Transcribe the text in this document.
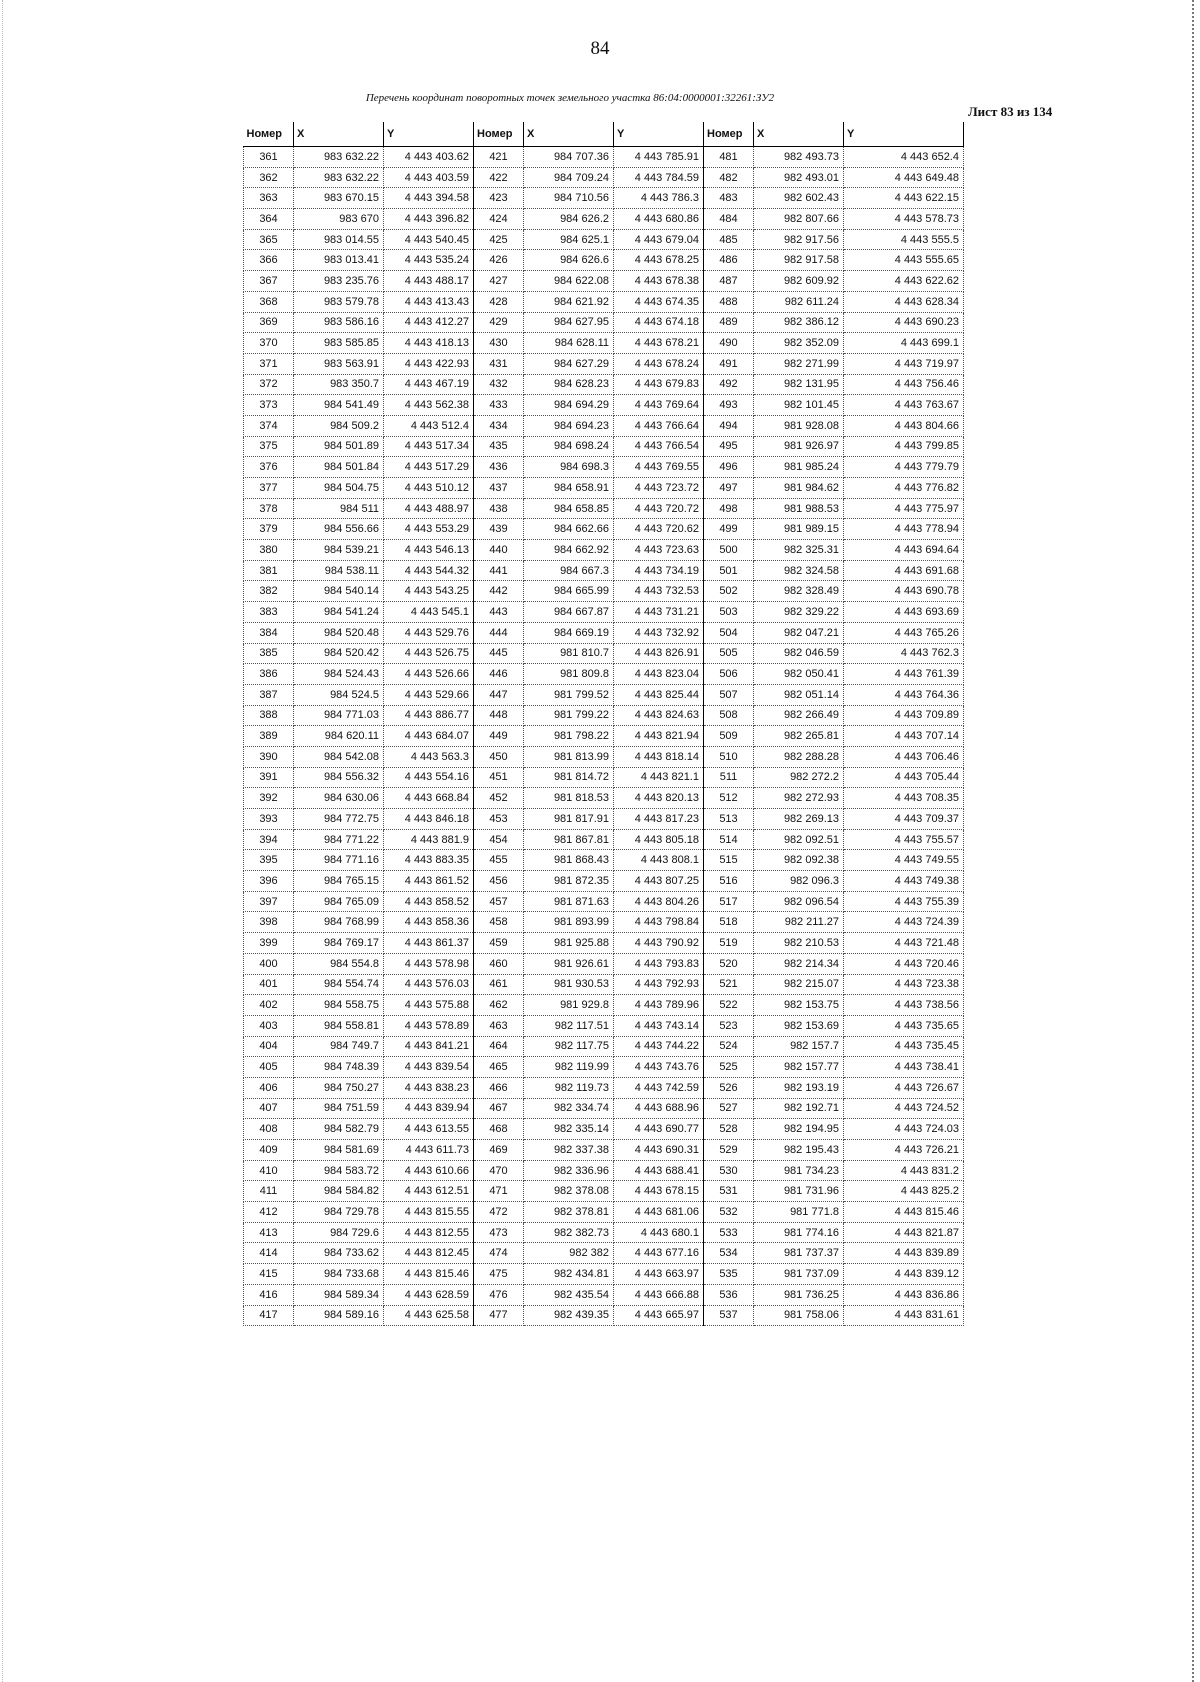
84
Перечень координат поворотных точек земельного участка 86:04:0000001:32261:ЗУ2
Лист 83 из 134
Номер	X	Y	Номер	X	Y	Номер	X	Y
361	983 632.22	4 443 403.62	421	984 707.36	4 443 785.91	481	982 493.73	4 443 652.4
362	983 632.22	4 443 403.59	422	984 709.24	4 443 784.59	482	982 493.01	4 443 649.48
363	983 670.15	4 443 394.58	423	984 710.56	4 443 786.3	483	982 602.43	4 443 622.15
364	983 670	4 443 396.82	424	984 626.2	4 443 680.86	484	982 807.66	4 443 578.73
365	983 014.55	4 443 540.45	425	984 625.1	4 443 679.04	485	982 917.56	4 443 555.5
366	983 013.41	4 443 535.24	426	984 626.6	4 443 678.25	486	982 917.58	4 443 555.65
367	983 235.76	4 443 488.17	427	984 622.08	4 443 678.38	487	982 609.92	4 443 622.62
368	983 579.78	4 443 413.43	428	984 621.92	4 443 674.35	488	982 611.24	4 443 628.34
369	983 586.16	4 443 412.27	429	984 627.95	4 443 674.18	489	982 386.12	4 443 690.23
370	983 585.85	4 443 418.13	430	984 628.11	4 443 678.21	490	982 352.09	4 443 699.1
371	983 563.91	4 443 422.93	431	984 627.29	4 443 678.24	491	982 271.99	4 443 719.97
372	983 350.7	4 443 467.19	432	984 628.23	4 443 679.83	492	982 131.95	4 443 756.46
373	984 541.49	4 443 562.38	433	984 694.29	4 443 769.64	493	982 101.45	4 443 763.67
374	984 509.2	4 443 512.4	434	984 694.23	4 443 766.64	494	981 928.08	4 443 804.66
375	984 501.89	4 443 517.34	435	984 698.24	4 443 766.54	495	981 926.97	4 443 799.85
376	984 501.84	4 443 517.29	436	984 698.3	4 443 769.55	496	981 985.24	4 443 779.79
377	984 504.75	4 443 510.12	437	984 658.91	4 443 723.72	497	981 984.62	4 443 776.82
378	984 511	4 443 488.97	438	984 658.85	4 443 720.72	498	981 988.53	4 443 775.97
379	984 556.66	4 443 553.29	439	984 662.66	4 443 720.62	499	981 989.15	4 443 778.94
380	984 539.21	4 443 546.13	440	984 662.92	4 443 723.63	500	982 325.31	4 443 694.64
381	984 538.11	4 443 544.32	441	984 667.3	4 443 734.19	501	982 324.58	4 443 691.68
382	984 540.14	4 443 543.25	442	984 665.99	4 443 732.53	502	982 328.49	4 443 690.78
383	984 541.24	4 443 545.1	443	984 667.87	4 443 731.21	503	982 329.22	4 443 693.69
384	984 520.48	4 443 529.76	444	984 669.19	4 443 732.92	504	982 047.21	4 443 765.26
385	984 520.42	4 443 526.75	445	981 810.7	4 443 826.91	505	982 046.59	4 443 762.3
386	984 524.43	4 443 526.66	446	981 809.8	4 443 823.04	506	982 050.41	4 443 761.39
387	984 524.5	4 443 529.66	447	981 799.52	4 443 825.44	507	982 051.14	4 443 764.36
388	984 771.03	4 443 886.77	448	981 799.22	4 443 824.63	508	982 266.49	4 443 709.89
389	984 620.11	4 443 684.07	449	981 798.22	4 443 821.94	509	982 265.81	4 443 707.14
390	984 542.08	4 443 563.3	450	981 813.99	4 443 818.14	510	982 288.28	4 443 706.46
391	984 556.32	4 443 554.16	451	981 814.72	4 443 821.1	511	982 272.2	4 443 705.44
392	984 630.06	4 443 668.84	452	981 818.53	4 443 820.13	512	982 272.93	4 443 708.35
393	984 772.75	4 443 846.18	453	981 817.91	4 443 817.23	513	982 269.13	4 443 709.37
394	984 771.22	4 443 881.9	454	981 867.81	4 443 805.18	514	982 092.51	4 443 755.57
395	984 771.16	4 443 883.35	455	981 868.43	4 443 808.1	515	982 092.38	4 443 749.55
396	984 765.15	4 443 861.52	456	981 872.35	4 443 807.25	516	982 096.3	4 443 749.38
397	984 765.09	4 443 858.52	457	981 871.63	4 443 804.26	517	982 096.54	4 443 755.39
398	984 768.99	4 443 858.36	458	981 893.99	4 443 798.84	518	982 211.27	4 443 724.39
399	984 769.17	4 443 861.37	459	981 925.88	4 443 790.92	519	982 210.53	4 443 721.48
400	984 554.8	4 443 578.98	460	981 926.61	4 443 793.83	520	982 214.34	4 443 720.46
401	984 554.74	4 443 576.03	461	981 930.53	4 443 792.93	521	982 215.07	4 443 723.38
402	984 558.75	4 443 575.88	462	981 929.8	4 443 789.96	522	982 153.75	4 443 738.56
403	984 558.81	4 443 578.89	463	982 117.51	4 443 743.14	523	982 153.69	4 443 735.65
404	984 749.7	4 443 841.21	464	982 117.75	4 443 744.22	524	982 157.7	4 443 735.45
405	984 748.39	4 443 839.54	465	982 119.99	4 443 743.76	525	982 157.77	4 443 738.41
406	984 750.27	4 443 838.23	466	982 119.73	4 443 742.59	526	982 193.19	4 443 726.67
407	984 751.59	4 443 839.94	467	982 334.74	4 443 688.96	527	982 192.71	4 443 724.52
408	984 582.79	4 443 613.55	468	982 335.14	4 443 690.77	528	982 194.95	4 443 724.03
409	984 581.69	4 443 611.73	469	982 337.38	4 443 690.31	529	982 195.43	4 443 726.21
410	984 583.72	4 443 610.66	470	982 336.96	4 443 688.41	530	981 734.23	4 443 831.2
411	984 584.82	4 443 612.51	471	982 378.08	4 443 678.15	531	981 731.96	4 443 825.2
412	984 729.78	4 443 815.55	472	982 378.81	4 443 681.06	532	981 771.8	4 443 815.46
413	984 729.6	4 443 812.55	473	982 382.73	4 443 680.1	533	981 774.16	4 443 821.87
414	984 733.62	4 443 812.45	474	982 382	4 443 677.16	534	981 737.37	4 443 839.89
415	984 733.68	4 443 815.46	475	982 434.81	4 443 663.97	535	981 737.09	4 443 839.12
416	984 589.34	4 443 628.59	476	982 435.54	4 443 666.88	536	981 736.25	4 443 836.86
417	984 589.16	4 443 625.58	477	982 439.35	4 443 665.97	537	981 758.06	4 443 831.61
